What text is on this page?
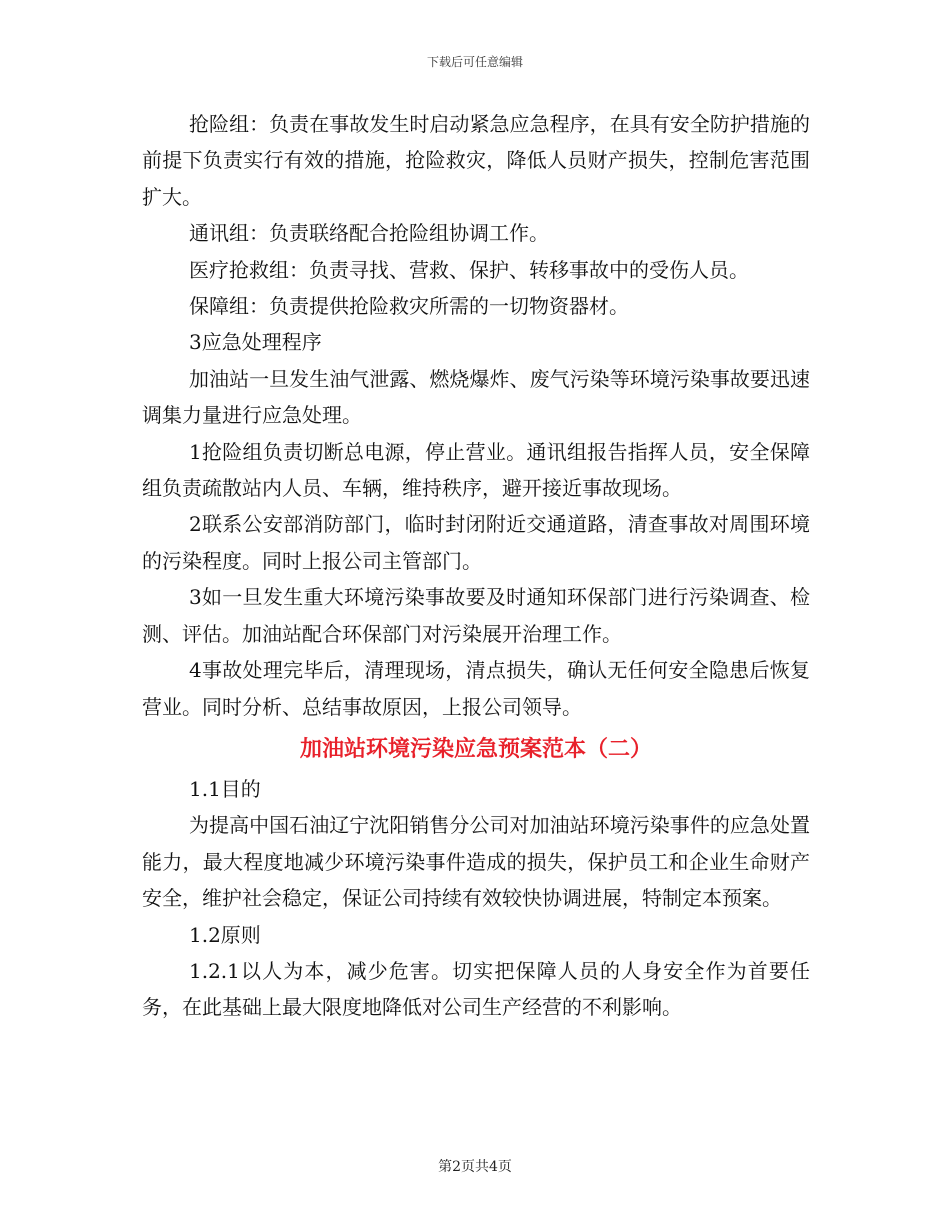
下载后可任意编辑

抢险组：负责在事故发生时启动紧急应急程序，在具有安全防护措施的前提下负责实行有效的措施，抢险救灾，降低人员财产损失，控制危害范围扩大。

通讯组：负责联络配合抢险组协调工作。

医疗抢救组：负责寻找、营救、保护、转移事故中的受伤人员。

保障组：负责提供抢险救灾所需的一切物资器材。

3应急处理程序

加油站一旦发生油气泄露、燃烧爆炸、废气污染等环境污染事故要迅速调集力量进行应急处理。

1抢险组负责切断总电源，停止营业。通讯组报告指挥人员，安全保障组负责疏散站内人员、车辆，维持秩序，避开接近事故现场。

2联系公安部消防部门，临时封闭附近交通道路，清查事故对周围环境的污染程度。同时上报公司主管部门。

3如一旦发生重大环境污染事故要及时通知环保部门进行污染调查、检测、评估。加油站配合环保部门对污染展开治理工作。

4事故处理完毕后，清理现场，清点损失，确认无任何安全隐患后恢复营业。同时分析、总结事故原因，上报公司领导。

加油站环境污染应急预案范本（二）

1.1目的

为提高中国石油辽宁沈阳销售分公司对加油站环境污染事件的应急处置能力，最大程度地减少环境污染事件造成的损失，保护员工和企业生命财产安全，维护社会稳定，保证公司持续有效较快协调进展，特制定本预案。

1.2原则

1.2.1以人为本，减少危害。切实把保障人员的人身安全作为首要任务，在此基础上最大限度地降低对公司生产经营的不利影响。

第2页共4页
